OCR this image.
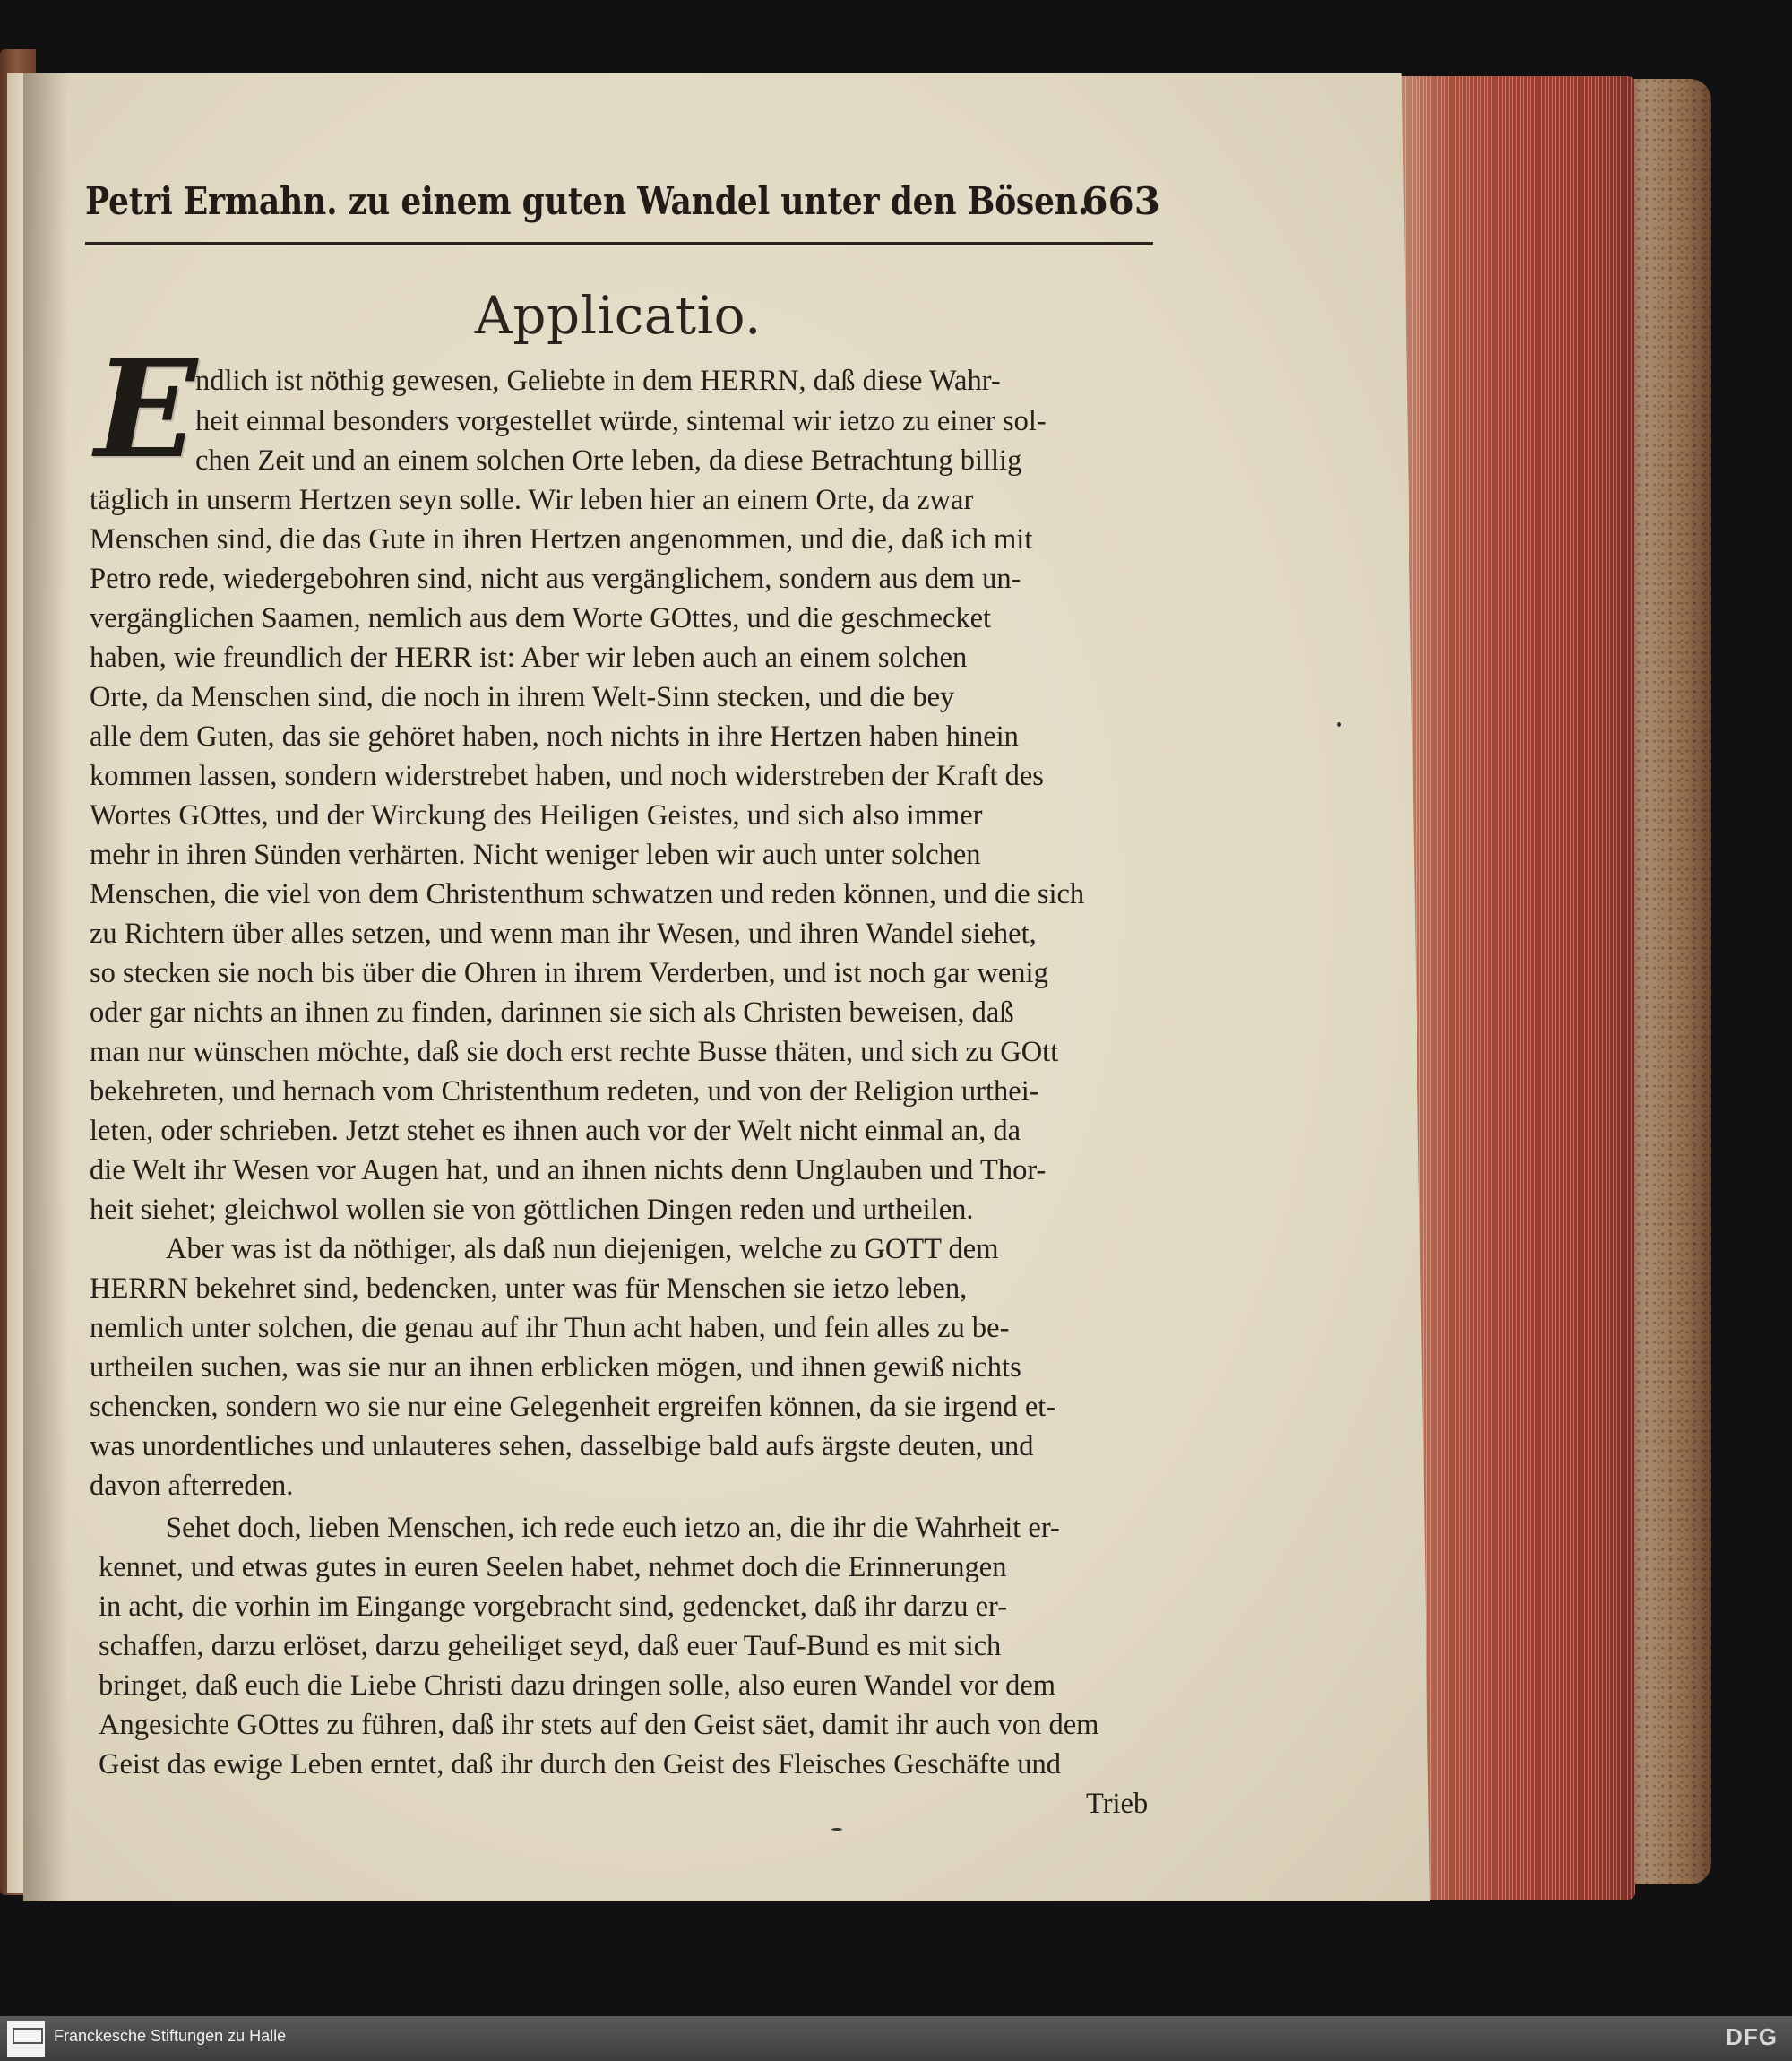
Petri Ermahn. zu einem guten Wandel unter den Bösen.
663
Applicatio.
E
ndlich ist nöthig gewesen, Geliebte in dem HERRN, daß diese Wahr-
heit einmal besonders vorgestellet würde, sintemal wir ietzo zu einer sol-
chen Zeit und an einem solchen Orte leben, da diese Betrachtung billig
täglich in unserm Hertzen seyn solle. Wir leben hier an einem Orte, da zwar
Menschen sind, die das Gute in ihren Hertzen angenommen, und die, daß ich mit
Petro rede, wiedergebohren sind, nicht aus vergänglichem, sondern aus dem un-
vergänglichen Saamen, nemlich aus dem Worte GOttes, und die geschmecket
haben, wie freundlich der HERR ist: Aber wir leben auch an einem solchen
Orte, da Menschen sind, die noch in ihrem Welt-Sinn stecken, und die bey
alle dem Guten, das sie gehöret haben, noch nichts in ihre Hertzen haben hinein
kommen lassen, sondern widerstrebet haben, und noch widerstreben der Kraft des
Wortes GOttes, und der Wirckung des Heiligen Geistes, und sich also immer
mehr in ihren Sünden verhärten. Nicht weniger leben wir auch unter solchen
Menschen, die viel von dem Christenthum schwatzen und reden können, und die sich
zu Richtern über alles setzen, und wenn man ihr Wesen, und ihren Wandel siehet,
so stecken sie noch bis über die Ohren in ihrem Verderben, und ist noch gar wenig
oder gar nichts an ihnen zu finden, darinnen sie sich als Christen beweisen, daß
man nur wünschen möchte, daß sie doch erst rechte Busse thäten, und sich zu GOtt
bekehreten, und hernach vom Christenthum redeten, und von der Religion urthei-
leten, oder schrieben. Jetzt stehet es ihnen auch vor der Welt nicht einmal an, da
die Welt ihr Wesen vor Augen hat, und an ihnen nichts denn Unglauben und Thor-
heit siehet; gleichwol wollen sie von göttlichen Dingen reden und urtheilen.
Aber was ist da nöthiger, als daß nun diejenigen, welche zu GOTT dem
HERRN bekehret sind, bedencken, unter was für Menschen sie ietzo leben,
nemlich unter solchen, die genau auf ihr Thun acht haben, und fein alles zu be-
urtheilen suchen, was sie nur an ihnen erblicken mögen, und ihnen gewiß nichts
schencken, sondern wo sie nur eine Gelegenheit ergreifen können, da sie irgend et-
was unordentliches und unlauteres sehen, dasselbige bald aufs ärgste deuten, und
davon afterreden.
Sehet doch, lieben Menschen, ich rede euch ietzo an, die ihr die Wahrheit er-
kennet, und etwas gutes in euren Seelen habet, nehmet doch die Erinnerungen
in acht, die vorhin im Eingange vorgebracht sind, gedencket, daß ihr darzu er-
schaffen, darzu erlöset, darzu geheiliget seyd, daß euer Tauf-Bund es mit sich
bringet, daß euch die Liebe Christi dazu dringen solle, also euren Wandel vor dem
Angesichte GOttes zu führen, daß ihr stets auf den Geist säet, damit ihr auch von dem
Geist das ewige Leben erntet, daß ihr durch den Geist des Fleisches Geschäfte und
Trieb
Franckesche Stiftungen zu Halle	DFG
